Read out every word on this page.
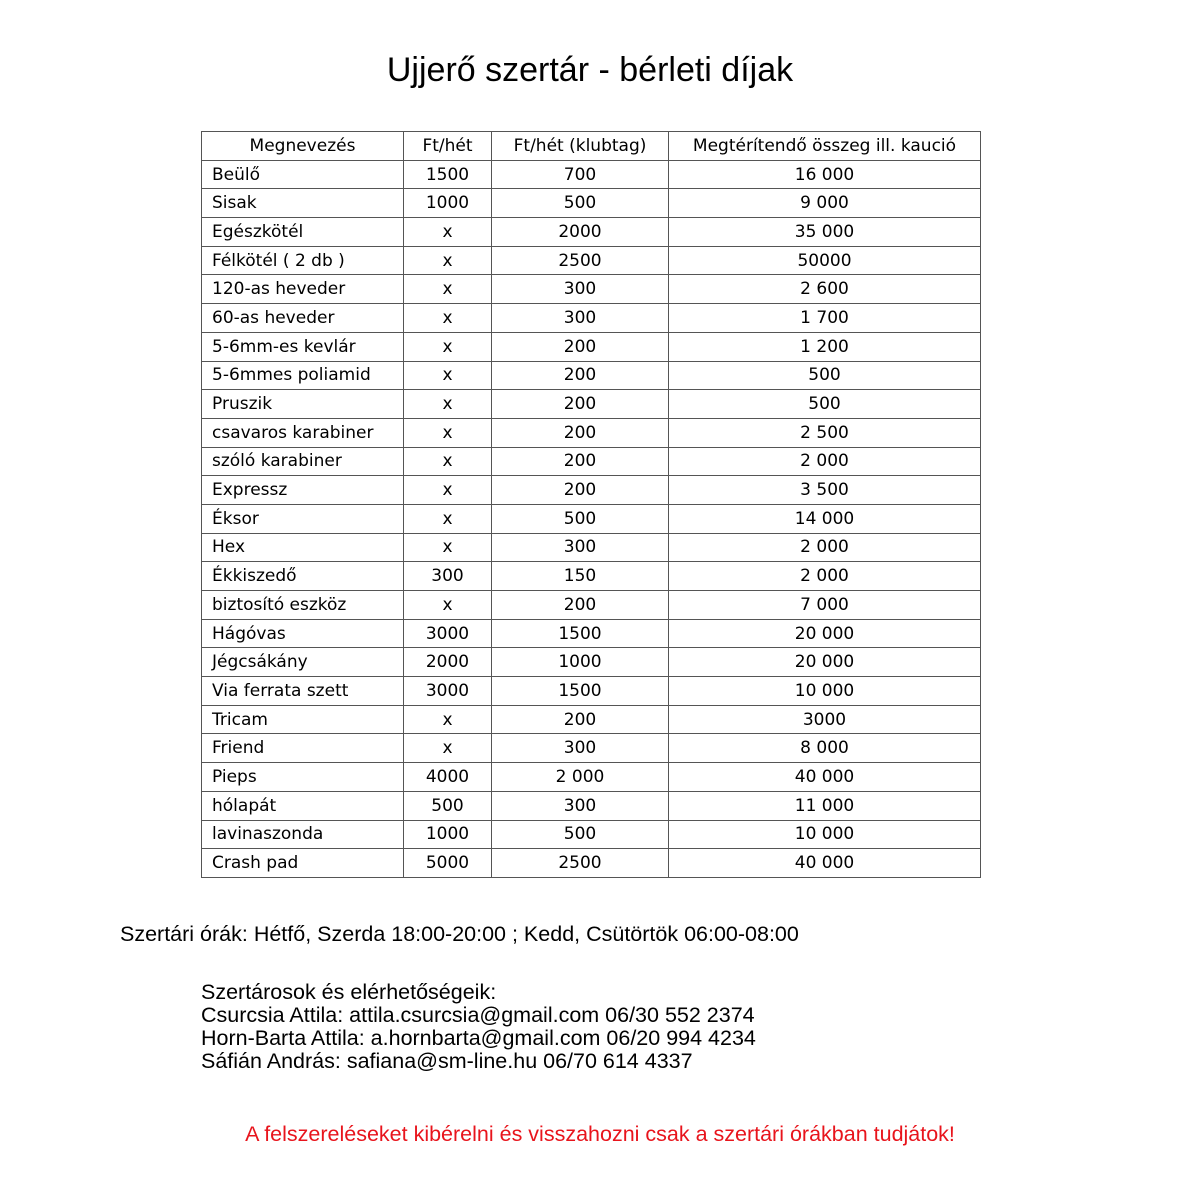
Ujjerő szertár - bérleti díjak
Megnevezés	Ft/hét	Ft/hét (klubtag)	Megtérítendő összeg ill. kaució
Beülő	1500	700	16 000
Sisak	1000	500	9 000
Egészkötél	x	2000	35 000
Félkötél ( 2 db )	x	2500	50000
120-as heveder	x	300	2 600
60-as heveder	x	300	1 700
5-6mm-es kevlár	x	200	1 200
5-6mmes poliamid	x	200	500
Pruszik	x	200	500
csavaros karabiner	x	200	2 500
szóló karabiner	x	200	2 000
Expressz	x	200	3 500
Éksor	x	500	14 000
Hex	x	300	2 000
Ékkiszedő	300	150	2 000
biztosító eszköz	x	200	7 000
Hágóvas	3000	1500	20 000
Jégcsákány	2000	1000	20 000
Via ferrata szett	3000	1500	10 000
Tricam	x	200	3000
Friend	x	300	8 000
Pieps	4000	2 000	40 000
hólapát	500	300	11 000
lavinaszonda	1000	500	10 000
Crash pad	5000	2500	40 000
Szertári órák: Hétfő, Szerda 18:00-20:00 ; Kedd, Csütörtök 06:00-08:00
Szertárosok és elérhetőségeik:
Csurcsia Attila: attila.csurcsia@gmail.com 06/30 552 2374
Horn-Barta Attila: a.hornbarta@gmail.com 06/20 994 4234
Sáfián András: safiana@sm-line.hu 06/70 614 4337
A felszereléseket kibérelni és visszahozni csak a szertári órákban tudjátok!
